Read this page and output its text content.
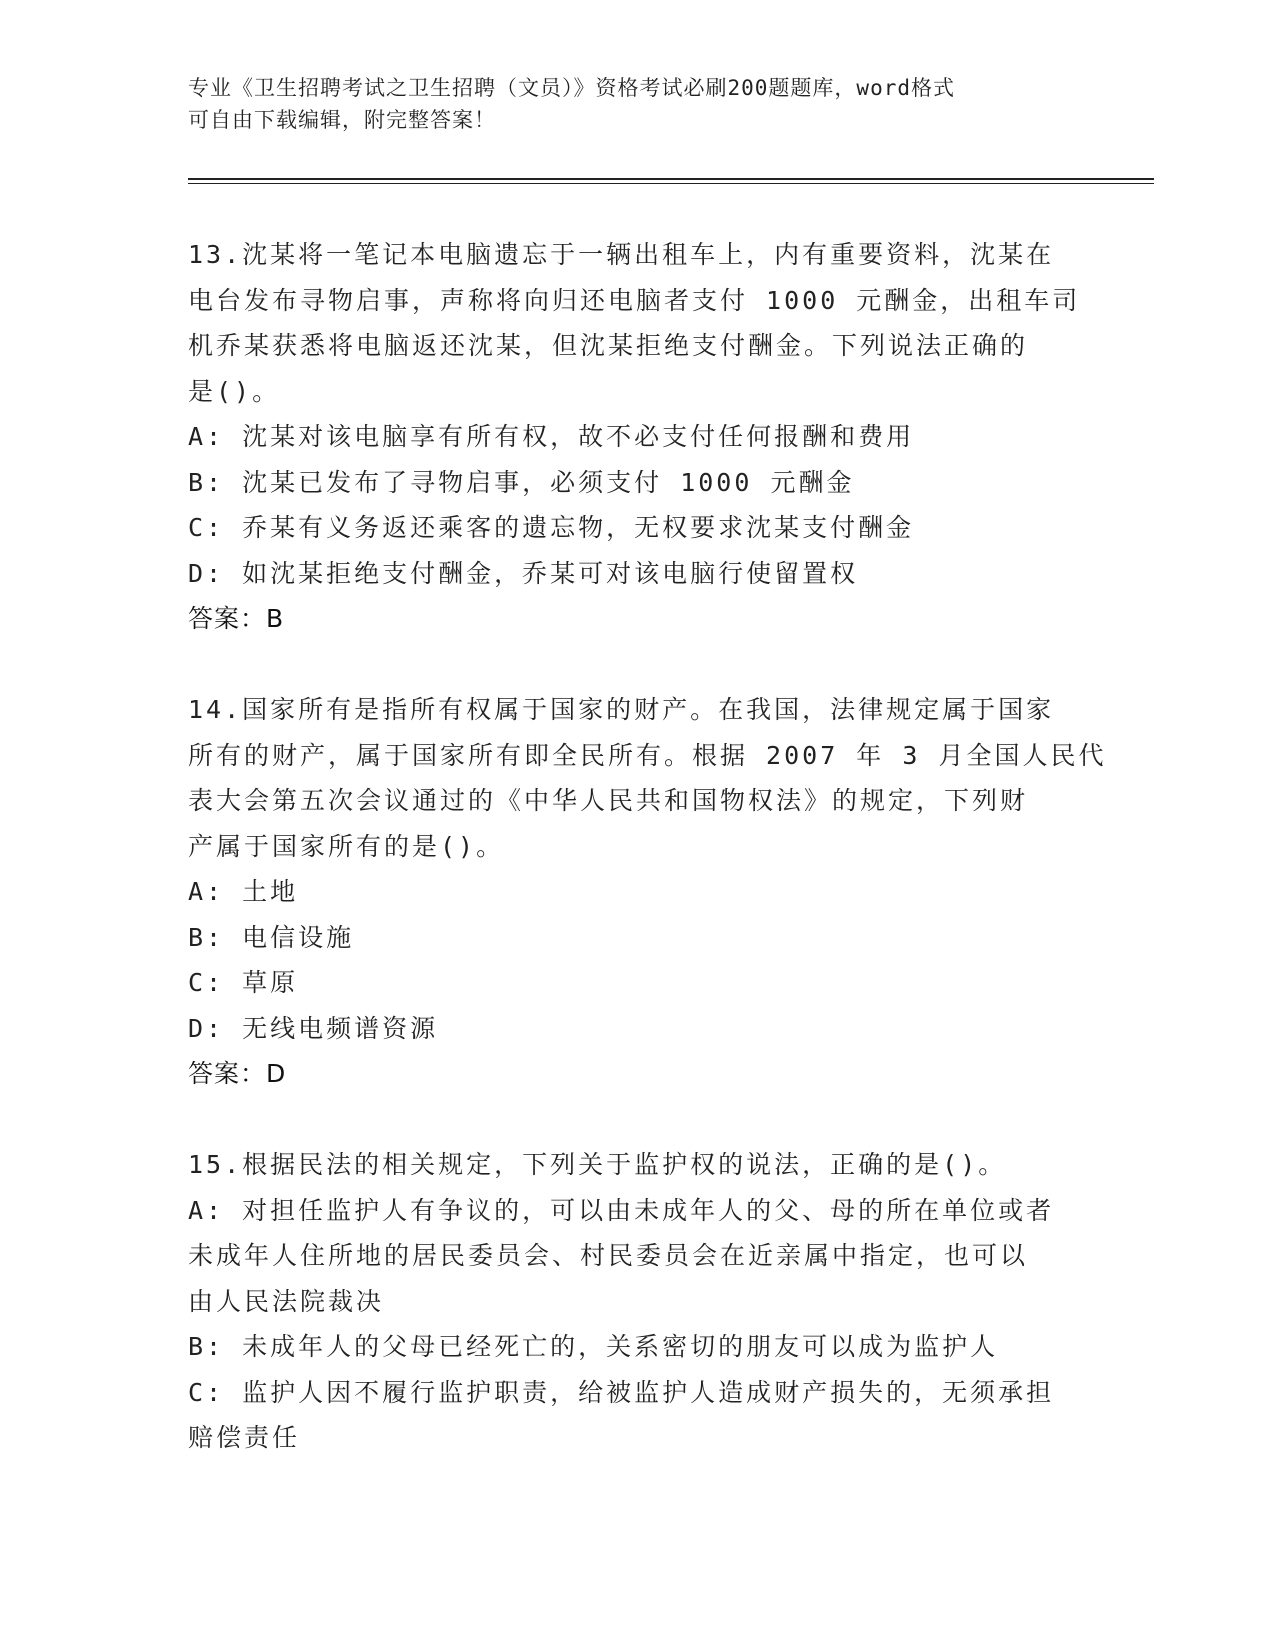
专业《卫生招聘考试之卫生招聘（文员）》资格考试必刷200题题库，word格式
可自由下载编辑，附完整答案！
13.沈某将一笔记本电脑遗忘于一辆出租车上，内有重要资料，沈某在
电台发布寻物启事，声称将向归还电脑者支付 1000 元酬金，出租车司
机乔某获悉将电脑返还沈某，但沈某拒绝支付酬金。下列说法正确的
是()。
A: 沈某对该电脑享有所有权，故不必支付任何报酬和费用
B: 沈某已发布了寻物启事，必须支付 1000 元酬金
C: 乔某有义务返还乘客的遗忘物，无权要求沈某支付酬金
D: 如沈某拒绝支付酬金，乔某可对该电脑行使留置权
答案：B
14.国家所有是指所有权属于国家的财产。在我国，法律规定属于国家
所有的财产，属于国家所有即全民所有。根据 2007 年 3 月全国人民代
表大会第五次会议通过的《中华人民共和国物权法》的规定，下列财
产属于国家所有的是()。
A: 土地
B: 电信设施
C: 草原
D: 无线电频谱资源
答案：D
15.根据民法的相关规定，下列关于监护权的说法，正确的是()。
A: 对担任监护人有争议的，可以由未成年人的父、母的所在单位或者
未成年人住所地的居民委员会、村民委员会在近亲属中指定，也可以
由人民法院裁决
B: 未成年人的父母已经死亡的，关系密切的朋友可以成为监护人
C: 监护人因不履行监护职责，给被监护人造成财产损失的，无须承担
赔偿责任
